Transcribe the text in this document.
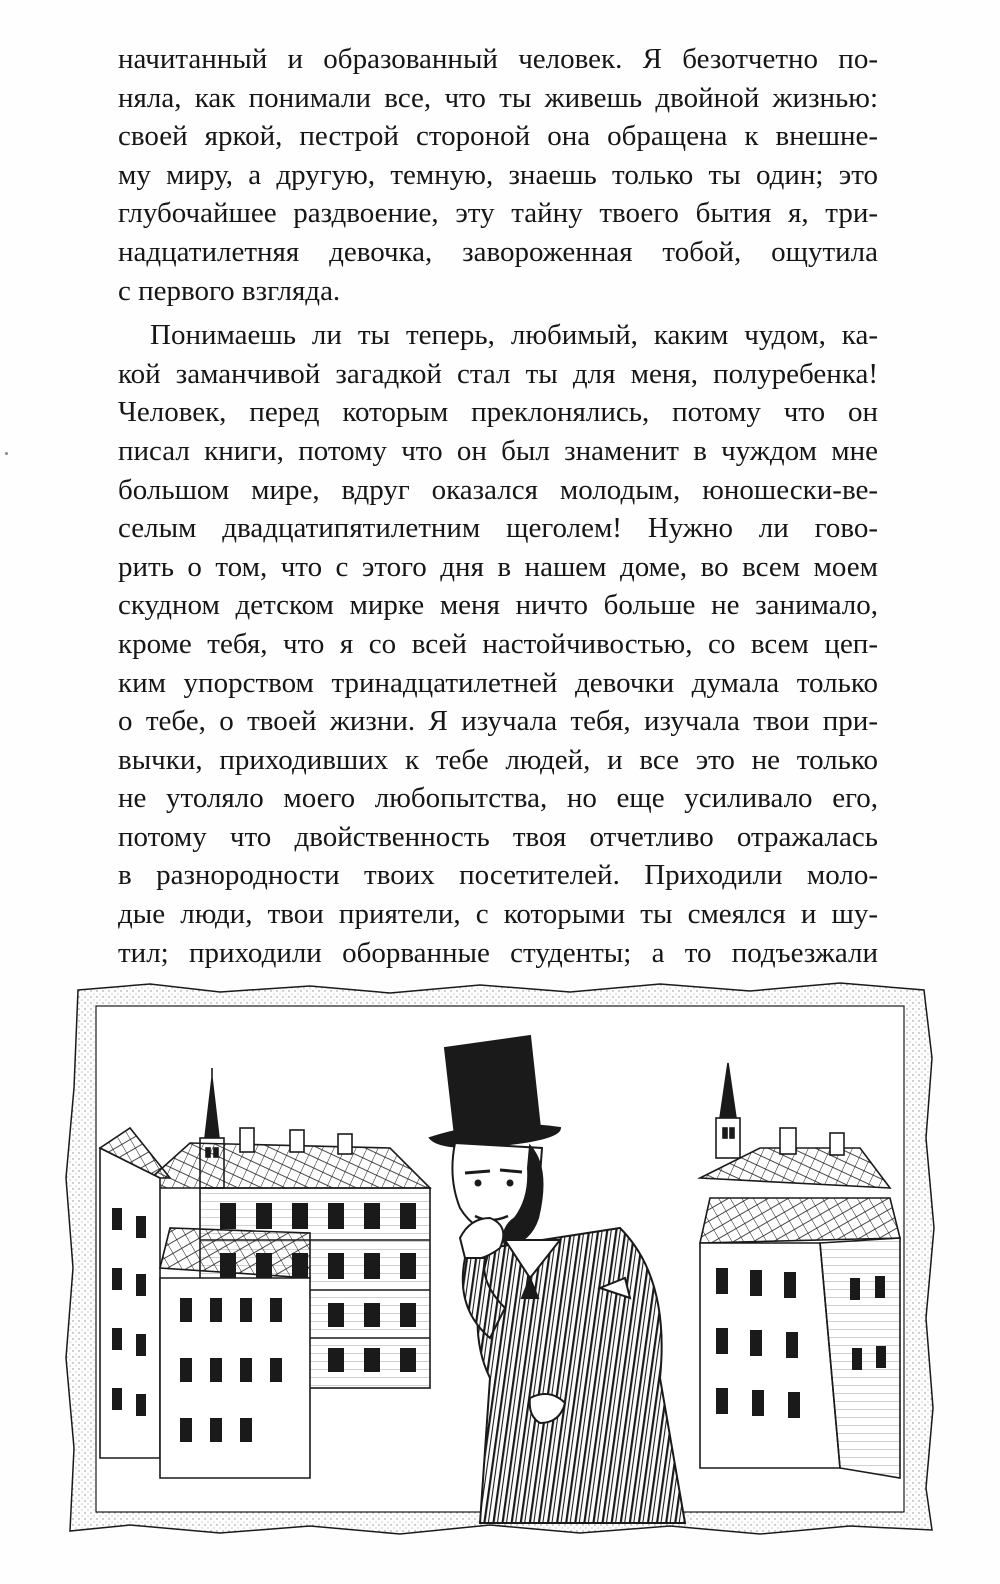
начитанный и образованный человек. Я безотчетно по-
няла, как понимали все, что ты живешь двойной жизнью:
своей яркой, пестрой стороной она обращена к внешне-
му миру, а другую, темную, знаешь только ты один; это
глубочайшее раздвоение, эту тайну твоего бытия я, три-
надцатилетняя девочка, завороженная тобой, ощутила
с первого взгляда.
Понимаешь ли ты теперь, любимый, каким чудом, ка-
кой заманчивой загадкой стал ты для меня, полуребенка!
Человек, перед которым преклонялись, потому что он
писал книги, потому что он был знаменит в чуждом мне
большом мире, вдруг оказался молодым, юношески-ве-
селым двадцатипятилетним щеголем! Нужно ли гово-
рить о том, что с этого дня в нашем доме, во всем моем
скудном детском мирке меня ничто больше не занимало,
кроме тебя, что я со всей настойчивостью, со всем цеп-
ким упорством тринадцатилетней девочки думала только
о тебе, о твоей жизни. Я изучала тебя, изучала твои при-
вычки, приходивших к тебе людей, и все это не только
не утоляло моего любопытства, но еще усиливало его,
потому что двойственность твоя отчетливо отражалась
в разнородности твоих посетителей. Приходили моло-
дые люди, твои приятели, с которыми ты смеялся и шу-
тил; приходили оборванные студенты; а то подъезжали
